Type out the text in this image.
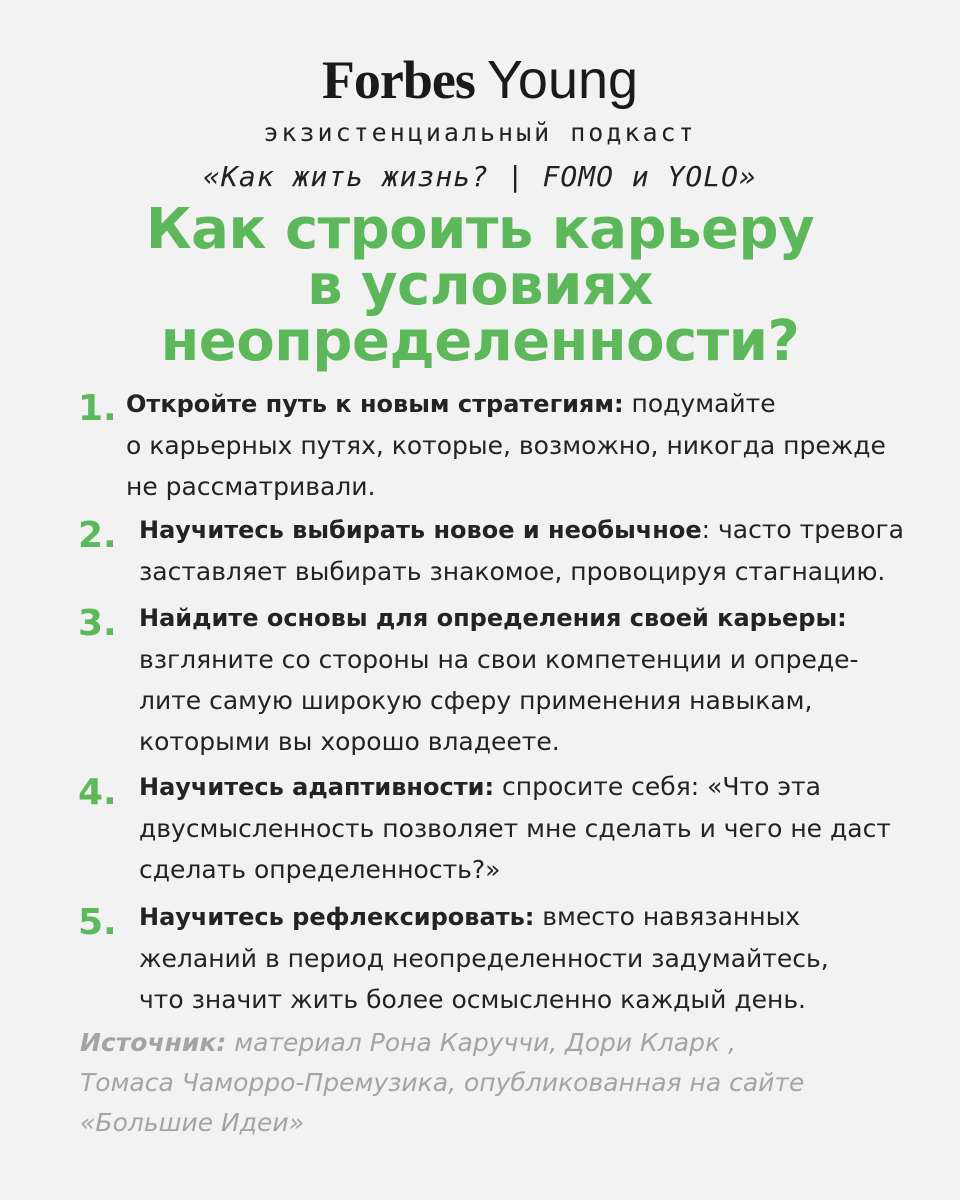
Forbes Young
экзистенциальный подкаст
«Как жить жизнь? | FOMO и YOLO»
Как строить карьеру
в условиях
неопределенности?
1. Откройте путь к новым стратегиям: подумайте
о карьерных путях, которые, возможно, никогда прежде
не рассматривали.
2. Научитесь выбирать новое и необычное: часто тревога
заставляет выбирать знакомое, провоцируя стагнацию.
3. Найдите основы для определения своей карьеры:
взгляните со стороны на свои компетенции и опреде-
лите самую широкую сферу применения навыкам,
которыми вы хорошо владеете.
4. Научитесь адаптивности: спросите себя: «Что эта
двусмысленность позволяет мне сделать и чего не даст
сделать определенность?»
5. Научитесь рефлексировать: вместо навязанных
желаний в период неопределенности задумайтесь,
что значит жить более осмысленно каждый день.
Источник: материал Рона Каруччи, Дори Кларк ,
Томаса Чаморро-Премузика, опубликованная на сайте
«Большие Идеи»
